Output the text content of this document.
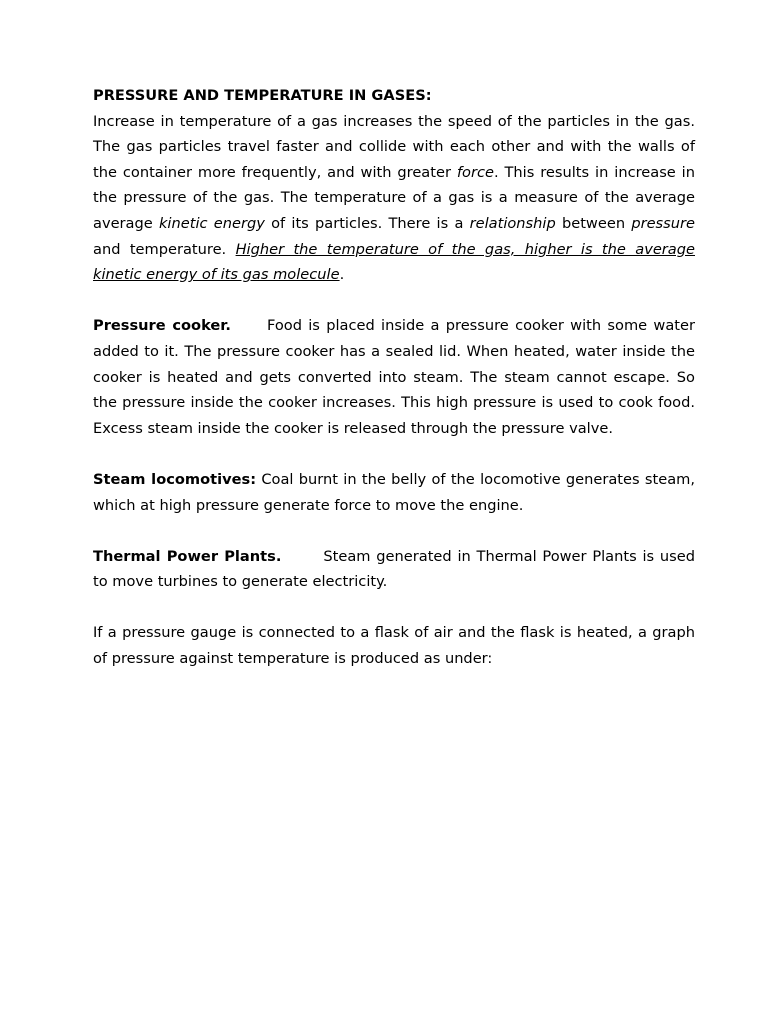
PRESSURE AND TEMPERATURE IN GASES:

Increase in temperature of a gas increases the speed of the particles in the gas. The gas particles travel faster and collide with each other and with the walls of the container more frequently, and with greater force. This results in increase in the pressure of the gas. The temperature of a gas is a measure of the average average kinetic energy of its particles. There is a relationship between pressure and temperature. Higher the temperature of the gas, higher is the average kinetic energy of its gas molecule.

Pressure cooker. Food is placed inside a pressure cooker with some water added to it. The pressure cooker has a sealed lid. When heated, water inside the cooker is heated and gets converted into steam. The steam cannot escape. So the pressure inside the cooker increases. This high pressure is used to cook food. Excess steam inside the cooker is released through the pressure valve.

Steam locomotives: Coal burnt in the belly of the locomotive generates steam, which at high pressure generate force to move the engine.

Thermal Power Plants.	Steam generated in Thermal Power Plants is used to move turbines to generate electricity.

If a pressure gauge is connected to a flask of air and the flask is heated, a graph of pressure against temperature is produced as under:
